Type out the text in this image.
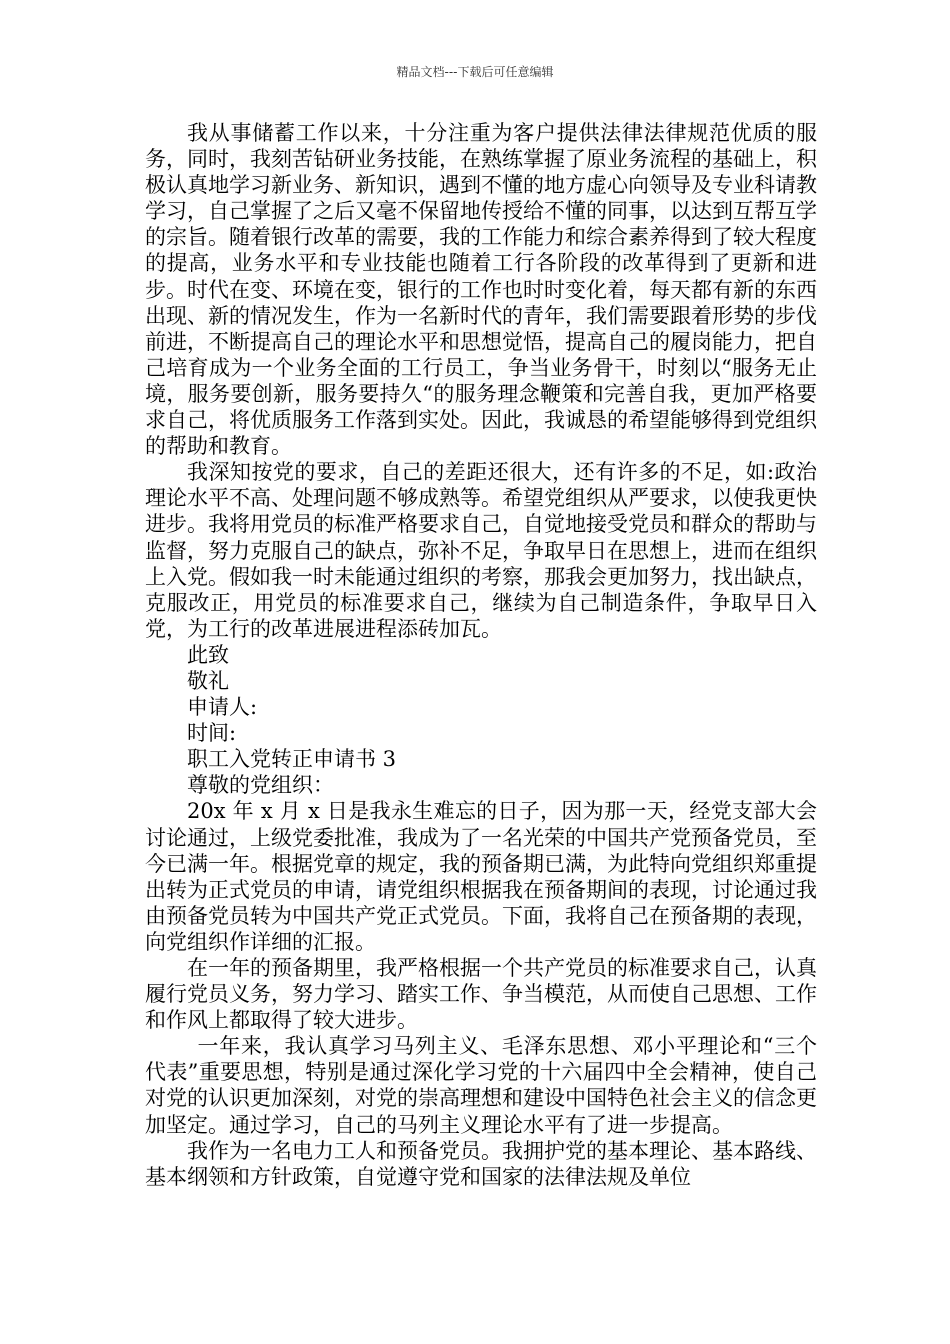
精品文档---下载后可任意编辑

我从事储蓄工作以来，十分注重为客户提供法律法律规范优质的服务，同时，我刻苦钻研业务技能，在熟练掌握了原业务流程的基础上，积极认真地学习新业务、新知识，遇到不懂的地方虚心向领导及专业科请教学习，自己掌握了之后又毫不保留地传授给不懂的同事，以达到互帮互学的宗旨。随着银行改革的需要，我的工作能力和综合素养得到了较大程度的提高，业务水平和专业技能也随着工行各阶段的改革得到了更新和进步。时代在变、环境在变，银行的工作也时时变化着，每天都有新的东西出现、新的情况发生，作为一名新时代的青年，我们需要跟着形势的步伐前进，不断提高自己的理论水平和思想觉悟，提高自己的履岗能力，把自己培育成为一个业务全面的工行员工，争当业务骨干，时刻以“服务无止境，服务要创新，服务要持久“的服务理念鞭策和完善自我，更加严格要求自己，将优质服务工作落到实处。因此，我诚恳的希望能够得到党组织的帮助和教育。

我深知按党的要求，自己的差距还很大，还有许多的不足，如:政治理论水平不高、处理问题不够成熟等。希望党组织从严要求，以使我更快进步。我将用党员的标准严格要求自己，自觉地接受党员和群众的帮助与监督，努力克服自己的缺点，弥补不足，争取早日在思想上，进而在组织上入党。假如我一时未能通过组织的考察，那我会更加努力，找出缺点，克服改正，用党员的标准要求自己，继续为自己制造条件，争取早日入党，为工行的改革进展进程添砖加瓦。

此致

敬礼

申请人:

时间:

职工入党转正申请书 3

尊敬的党组织：

20x 年 x 月 x 日是我永生难忘的日子，因为那一天，经党支部大会讨论通过，上级党委批准，我成为了一名光荣的中国共产党预备党员，至今已满一年。根据党章的规定，我的预备期已满，为此特向党组织郑重提出转为正式党员的申请，请党组织根据我在预备期间的表现，讨论通过我由预备党员转为中国共产党正式党员。下面，我将自己在预备期的表现，向党组织作详细的汇报。

在一年的预备期里，我严格根据一个共产党员的标准要求自己，认真履行党员义务，努力学习、踏实工作、争当模范，从而使自己思想、工作和作风上都取得了较大进步。

一年来，我认真学习马列主义、毛泽东思想、邓小平理论和“三个代表”重要思想，特别是通过深化学习党的十六届四中全会精神，使自己对党的认识更加深刻，对党的崇高理想和建设中国特色社会主义的信念更加坚定。通过学习，自己的马列主义理论水平有了进一步提高。

我作为一名电力工人和预备党员。我拥护党的基本理论、基本路线、基本纲领和方针政策，自觉遵守党和国家的法律法规及单位
